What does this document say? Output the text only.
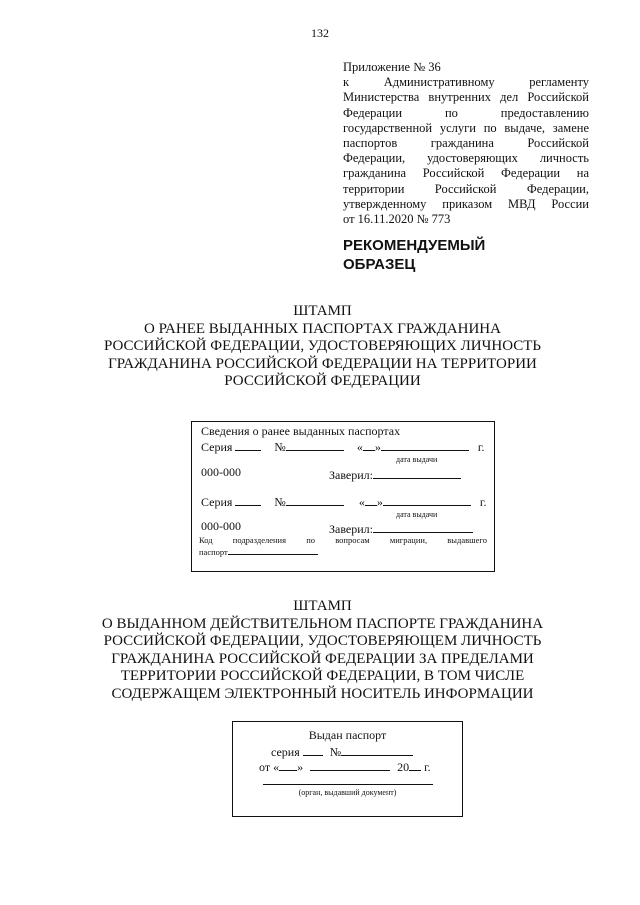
132
Приложение № 36
к Административному регламенту
Министерства внутренних дел Российской
Федерации по предоставлению
государственной услуги по выдаче, замене
паспортов гражданина Российской
Федерации, удостоверяющих личность
гражданина Российской Федерации на
территории Российской Федерации,
утвержденному приказом МВД России
от 16.11.2020 № 773
РЕКОМЕНДУЕМЫЙ
ОБРАЗЕЦ
ШТАМП
О РАНЕЕ ВЫДАННЫХ ПАСПОРТАХ ГРАЖДАНИНА
РОССИЙСКОЙ ФЕДЕРАЦИИ, УДОСТОВЕРЯЮЩИХ ЛИЧНОСТЬ
ГРАЖДАНИНА РОССИЙСКОЙ ФЕДЕРАЦИИ НА ТЕРРИТОРИИ
РОССИЙСКОЙ ФЕДЕРАЦИИ
Сведения о ранее выданных паспортах
Серия	№	« »	г.
дата выдачи
000-000	Заверил:
Серия	№	« »	г.
дата выдачи
000-000	Заверил:
Код подразделения по вопросам миграции, выдавшего
паспорт
ШТАМП
О ВЫДАННОМ ДЕЙСТВИТЕЛЬНОМ ПАСПОРТЕ ГРАЖДАНИНА
РОССИЙСКОЙ ФЕДЕРАЦИИ, УДОСТОВЕРЯЮЩЕМ ЛИЧНОСТЬ
ГРАЖДАНИНА РОССИЙСКОЙ ФЕДЕРАЦИИ ЗА ПРЕДЕЛАМИ
ТЕРРИТОРИИ РОССИЙСКОЙ ФЕДЕРАЦИИ, В ТОМ ЧИСЛЕ
СОДЕРЖАЩЕМ ЭЛЕКТРОННЫЙ НОСИТЕЛЬ ИНФОРМАЦИИ
Выдан паспорт
серия	№
от « »	20 г.
(орган, выдавший документ)
